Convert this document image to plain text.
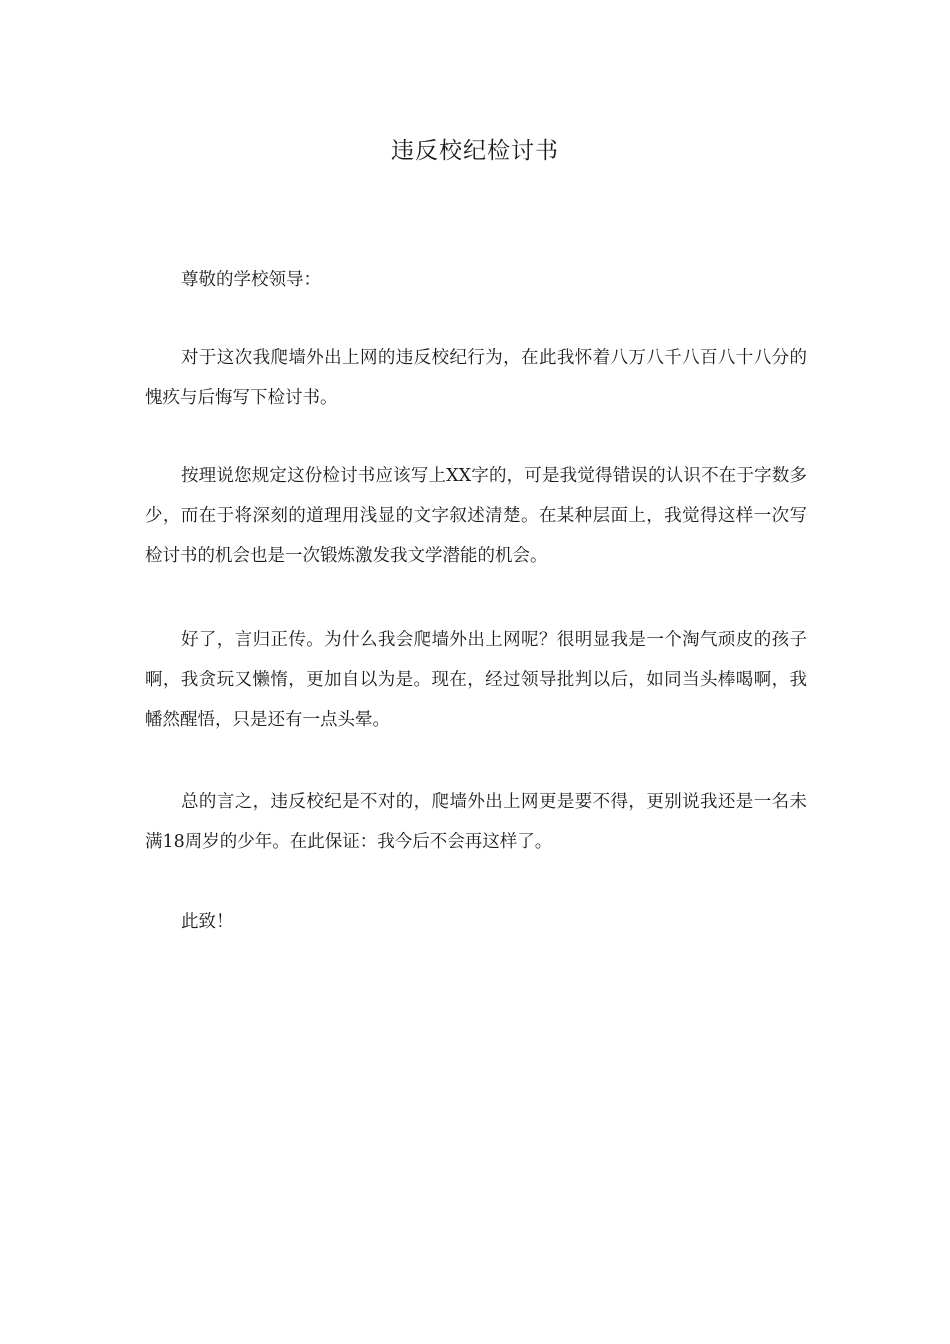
违反校纪检讨书

尊敬的学校领导：

对于这次我爬墙外出上网的违反校纪行为，在此我怀着八万八千八百八十八分的愧疚与后悔写下检讨书。

按理说您规定这份检讨书应该写上XX字的，可是我觉得错误的认识不在于字数多少，而在于将深刻的道理用浅显的文字叙述清楚。在某种层面上，我觉得这样一次写检讨书的机会也是一次锻炼激发我文学潜能的机会。

好了，言归正传。为什么我会爬墙外出上网呢？很明显我是一个淘气顽皮的孩子啊，我贪玩又懒惰，更加自以为是。现在，经过领导批判以后，如同当头棒喝啊，我幡然醒悟，只是还有一点头晕。

总的言之，违反校纪是不对的，爬墙外出上网更是要不得，更别说我还是一名未满18周岁的少年。在此保证：我今后不会再这样了。

此致！
